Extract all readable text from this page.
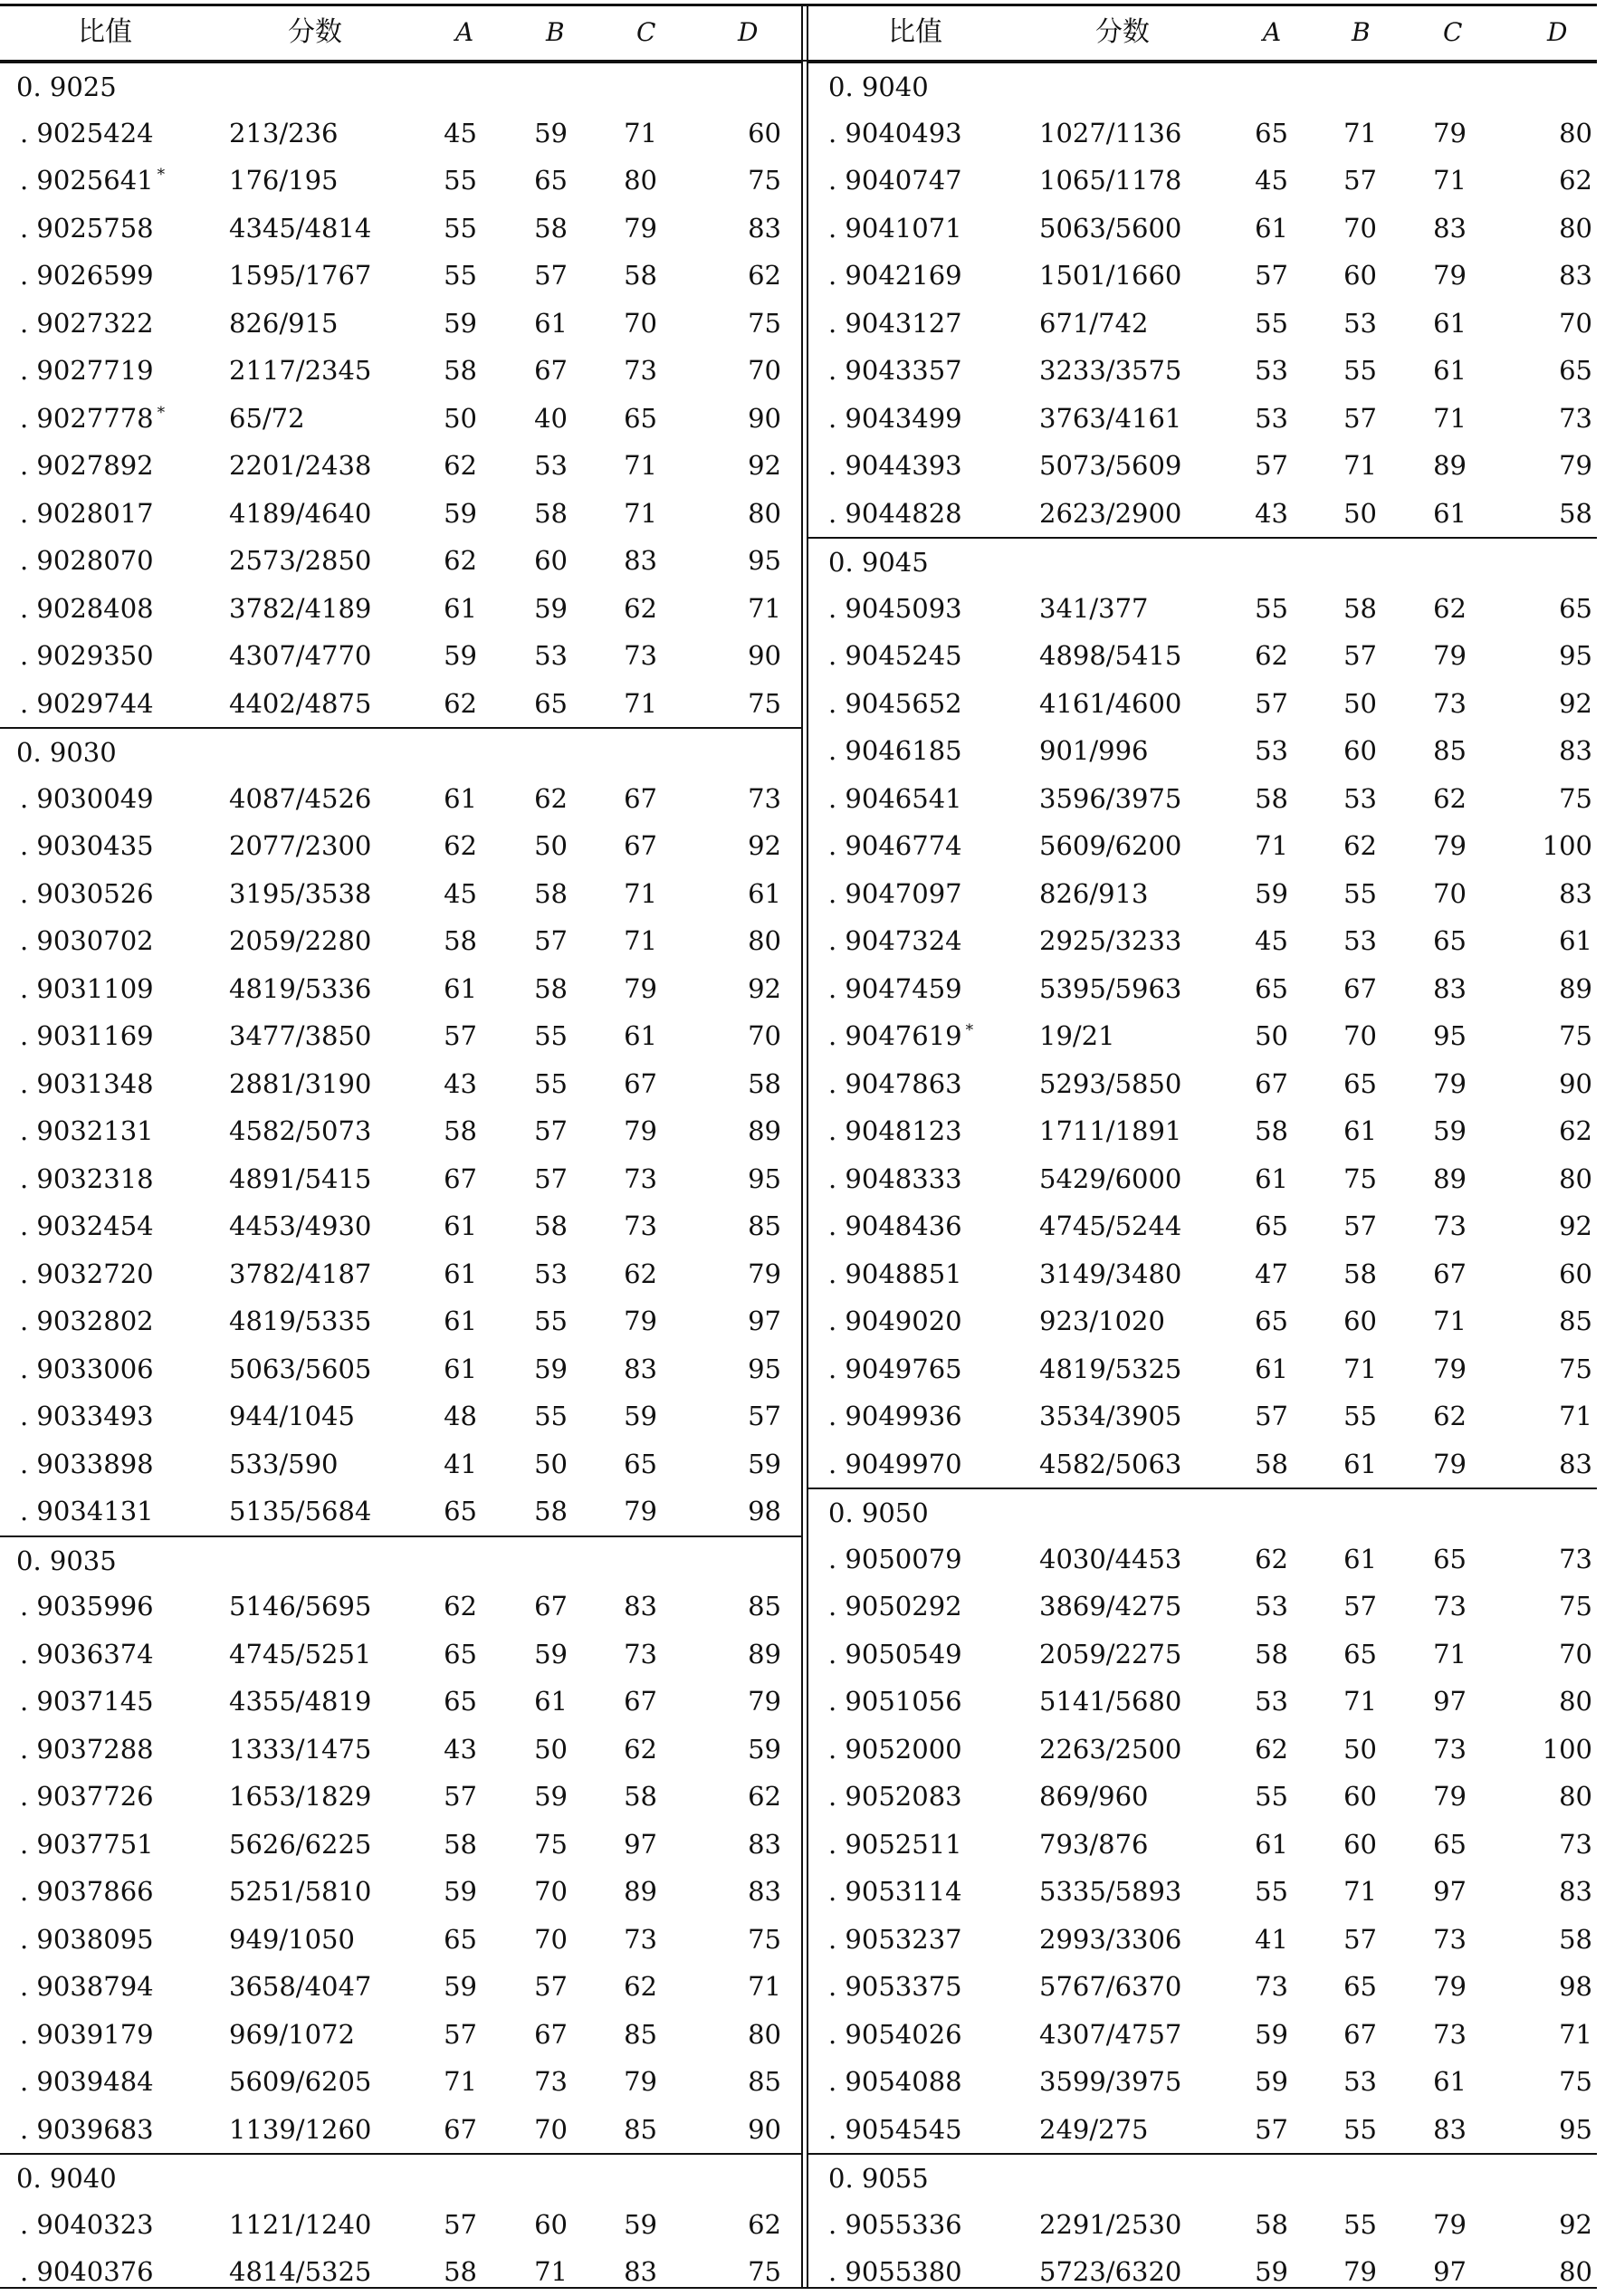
比值	分数	A	B	C	D	比值	分数	A	B	C	D
0. 9025
. 9025424	213/236	45 59 71	60
. 9025641 * 176/195	55 65 80	75
. 9025758	4345/4814	55 58 79	83
. 9026599	1595/1767	55 57 58	62
. 9027322	826/915	59 61 70	75
. 9027719	2117/2345	58 67 73	70
. 9027778 * 65/72	50 40 65	90
. 9027892	2201/2438	62 53 71	92
. 9028017	4189/4640	59 58 71	80
. 9028070	2573/2850	62 60 83	95
. 9028408	3782/4189	61 59 62	71
. 9029350	4307/4770	59 53 73	90
. 9029744	4402/4875	62 65 71	75
0. 9030
. 9030049	4087/4526	61 62 67	73
. 9030435	2077/2300	62 50 67	92
. 9030526	3195/3538	45 58 71	61
. 9030702	2059/2280	58 57 71	80
. 9031109	4819/5336	61 58 79	92
. 9031169	3477/3850	57 55 61	70
. 9031348	2881/3190	43 55 67	58
. 9032131	4582/5073	58 57 79	89
. 9032318	4891/5415	67 57 73	95
. 9032454	4453/4930	61 58 73	85
. 9032720	3782/4187	61 53 62	79
. 9032802	4819/5335	61 55 79	97
. 9033006	5063/5605	61 59 83	95
. 9033493	944/1045	48 55 59	57
. 9033898	533/590	41 50 65	59
. 9034131	5135/5684	65 58 79	98
0. 9035
. 9035996	5146/5695	62 67 83	85
. 9036374	4745/5251	65 59 73	89
. 9037145	4355/4819	65 61 67	79
. 9037288	1333/1475	43 50 62	59
. 9037726	1653/1829	57 59 58	62
. 9037751	5626/6225	58 75 97	83
. 9037866	5251/5810	59 70 89	83
. 9038095	949/1050	65 70 73	75
. 9038794	3658/4047	59 57 62	71
. 9039179	969/1072	57 67 85	80
. 9039484	5609/6205	71 73 79	85
. 9039683	1139/1260	67 70 85	90
0. 9040
. 9040323	1121/1240	57 60 59	62
. 9040376	4814/5325	58 71 83	75
0. 9040
. 9040493	1027/1136	65 71 79	80
. 9040747	1065/1178	45 57 71	62
. 9041071	5063/5600	61 70 83	80
. 9042169	1501/1660	57 60 79	83
. 9043127	671/742	55 53 61	70
. 9043357	3233/3575	53 55 61	65
. 9043499	3763/4161	53 57 71	73
. 9044393	5073/5609	57 71 89	79
. 9044828	2623/2900	43 50 61	58
0. 9045
. 9045093	341/377	55 58 62	65
. 9045245	4898/5415	62 57 79	95
. 9045652	4161/4600	57 50 73	92
. 9046185	901/996	53 60 85	83
. 9046541	3596/3975	58 53 62	75
. 9046774	5609/6200	71 62 79	100
. 9047097	826/913	59 55 70	83
. 9047324	2925/3233	45 53 65	61
. 9047459	5395/5963	65 67 83	89
. 9047619 *	19/21	50 70 95	75
. 9047863	5293/5850	67 65 79	90
. 9048123	1711/1891	58 61 59	62
. 9048333	5429/6000	61 75 89	80
. 9048436	4745/5244	65 57 73	92
. 9048851	3149/3480	47 58 67	60
. 9049020	923/1020	65 60 71	85
. 9049765	4819/5325	61 71 79	75
. 9049936	3534/3905	57 55 62	71
. 9049970	4582/5063	58 61 79	83
0. 9050
. 9050079	4030/4453	62 61 65	73
. 9050292	3869/4275	53 57 73	75
. 9050549	2059/2275	58 65 71	70
. 9051056	5141/5680	53 71 97	80
. 9052000	2263/2500	62 50 73	100
. 9052083	869/960	55 60 79	80
. 9052511	793/876	61 60 65	73
. 9053114	5335/5893	55 71 97	83
. 9053237	2993/3306	41 57 73	58
. 9053375	5767/6370	73 65 79	98
. 9054026	4307/4757	59 67 73	71
. 9054088	3599/3975	59 53 61	75
. 9054545	249/275	57 55 83	95
0. 9055
. 9055336	2291/2530	58 55 79	92
. 9055380	5723/6320	59 79 97	80
